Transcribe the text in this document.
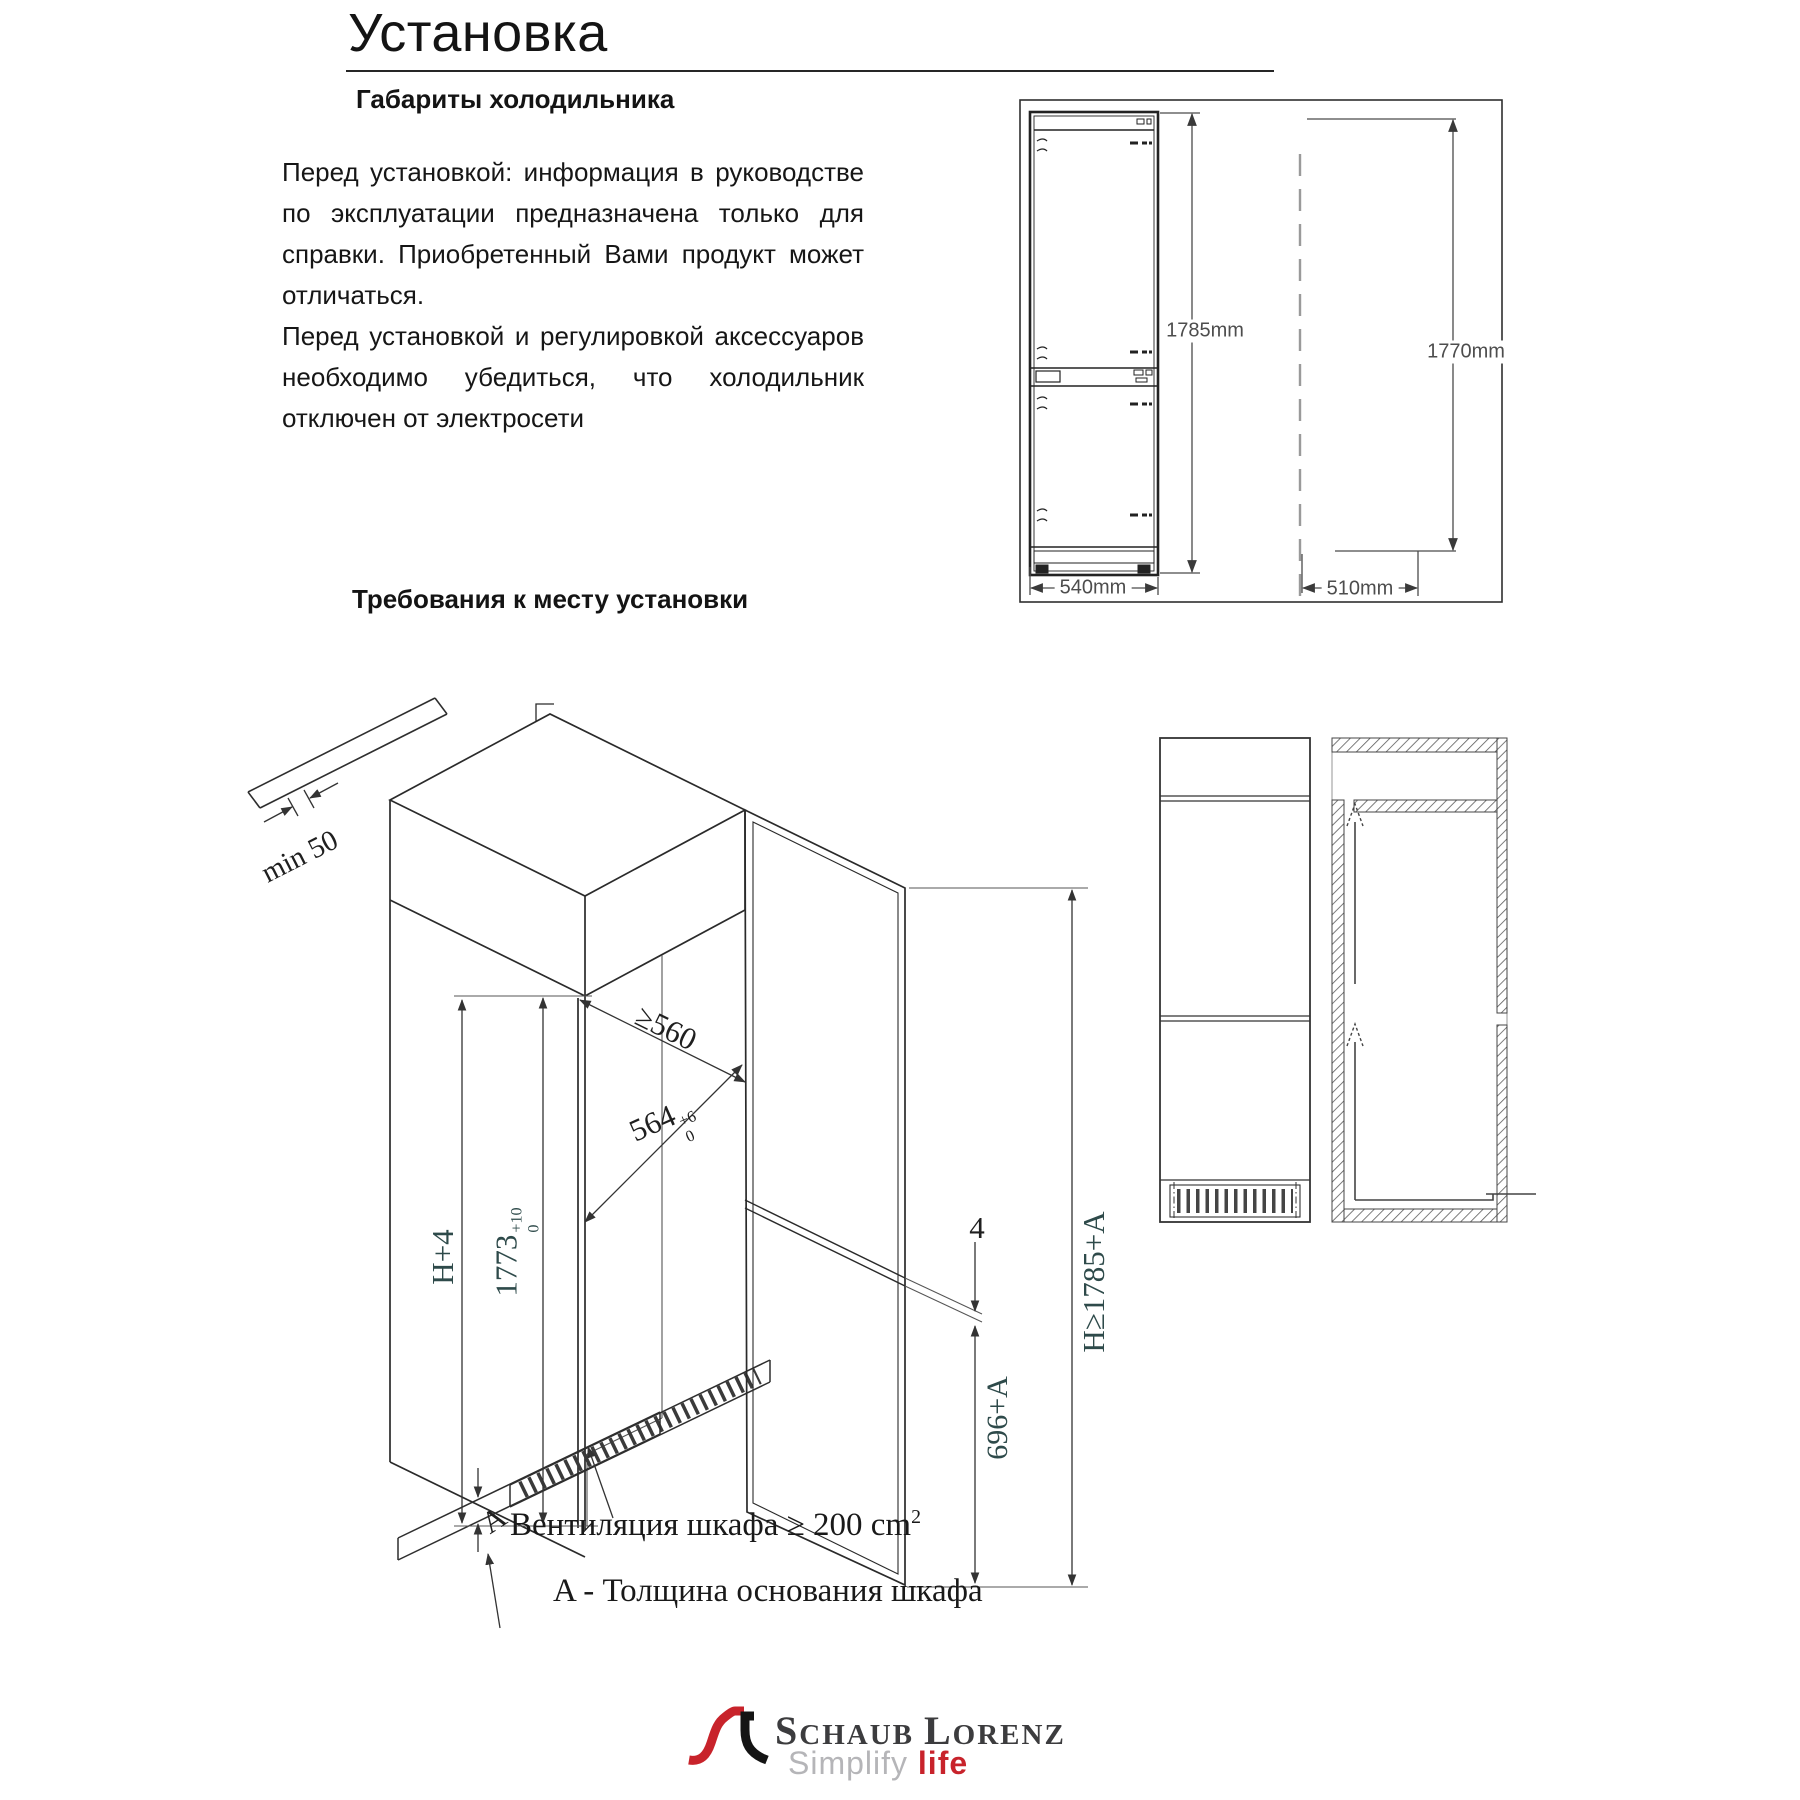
Установка
Габариты холодильника

Перед установкой: информация в руководстве по эксплуатации предназначена только для справки. Приобретенный Вами продукт может отличаться.

Перед установкой и регулировкой аксессуаров необходимо убедиться, что холодильник отключен от электросети

1785mm
1770mm
540mm	510mm
Требования к месту установки
min 50
≥560
564
+6
0
H+4 1773
+10 0	4
696+A
H≥1785+A
A
Вентиляция шкафа ≥ 200 $cm^2$
A - Толщина основания шкафа
SCHAUB LORENZ
Simplify life
